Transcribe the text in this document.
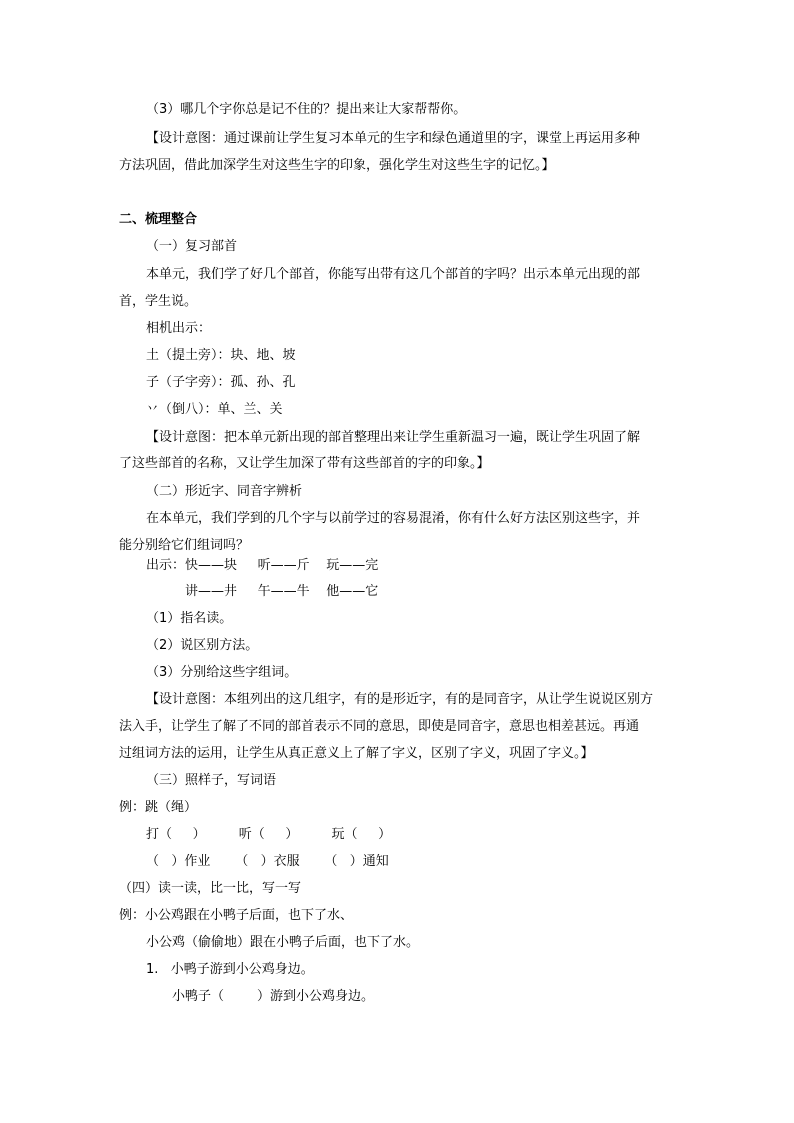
（3）哪几个字你总是记不住的？提出来让大家帮帮你。
【设计意图：通过课前让学生复习本单元的生字和绿色通道里的字，课堂上再运用多种
方法巩固，借此加深学生对这些生字的印象，强化学生对这些生字的记忆。】
二、梳理整合
（一）复习部首
本单元，我们学了好几个部首，你能写出带有这几个部首的字吗？出示本单元出现的部
首，学生说。
相机出示：
土（提土旁）：块、地、坡
子（子字旁）：孤、孙、孔
丷（倒八）：单、兰、关
【设计意图：把本单元新出现的部首整理出来让学生重新温习一遍，既让学生巩固了解
了这些部首的名称，又让学生加深了带有这些部首的字的印象。】
（二）形近字、同音字辨析
在本单元，我们学到的几个字与以前学过的容易混淆，你有什么好方法区别这些字，并
能分别给它们组词吗？
出示：快——块     听——斤    玩——完
讲——井     午——牛    他——它
（1）指名读。
（2）说区别方法。
（3）分别给这些字组词。
【设计意图：本组列出的这几组字，有的是形近字，有的是同音字，从让学生说说区别方
法入手，让学生了解了不同的部首表示不同的意思，即使是同音字，意思也相差甚远。再通
过组词方法的运用，让学生从真正意义上了解了字义，区别了字义，巩固了字义。】
（三）照样子，写词语
例：跳（绳）
打（     ）        听（     ）        玩（     ）
（   ）作业      （   ）衣服      （   ）通知
（四）读一读，比一比，写一写
例：小公鸡跟在小鸭子后面，也下了水、
小公鸡（偷偷地）跟在小鸭子后面，也下了水。
1.   小鸭子游到小公鸡身边。
小鸭子（        ）游到小公鸡身边。
